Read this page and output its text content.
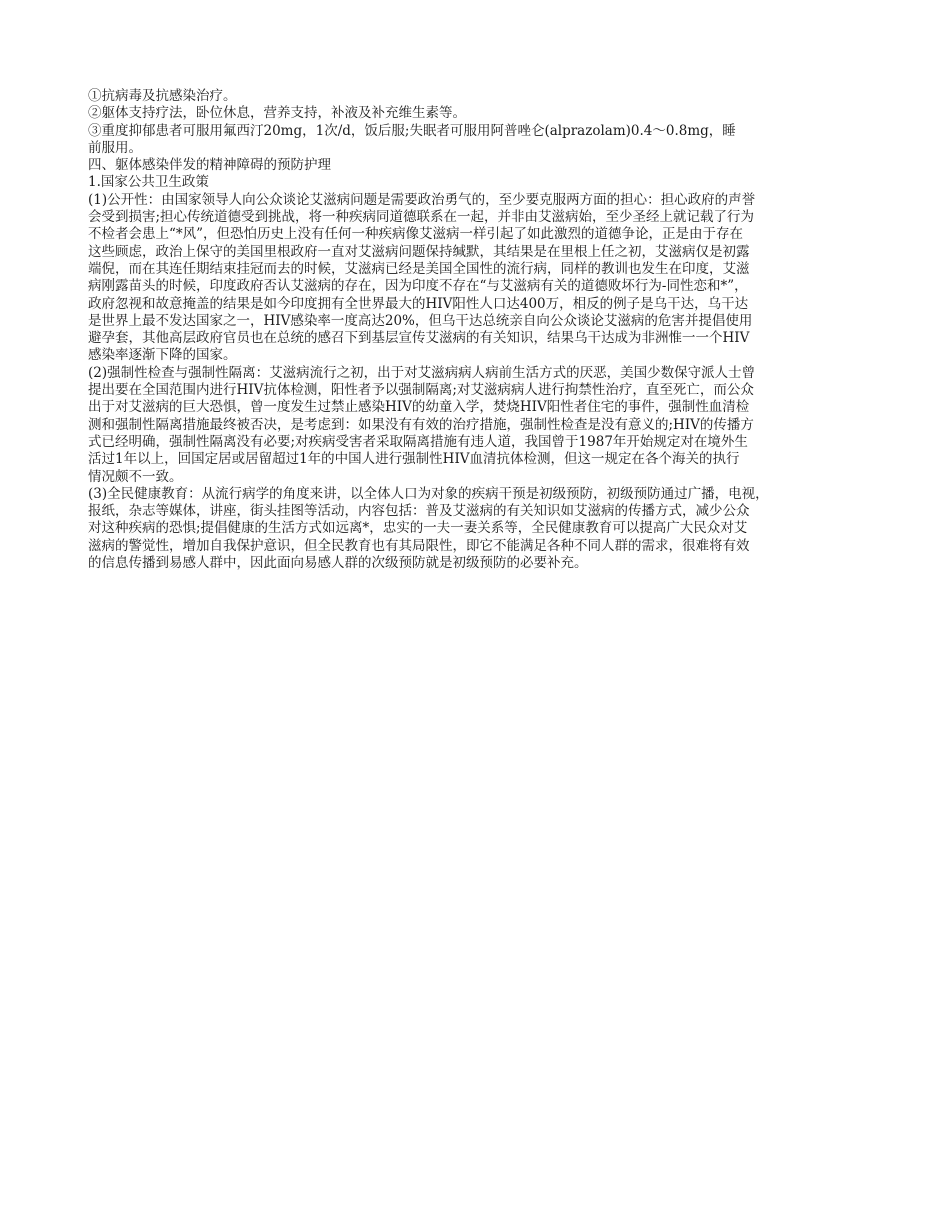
①抗病毒及抗感染治疗。
②躯体支持疗法，卧位休息，营养支持，补液及补充维生素等。
③重度抑郁患者可服用氟西汀20mg，1次/d，饭后服;失眠者可服用阿普唑仑(alprazolam)0.4～0.8mg，睡
前服用。
四、躯体感染伴发的精神障碍的预防护理
1.国家公共卫生政策
(1)公开性：由国家领导人向公众谈论艾滋病问题是需要政治勇气的，至少要克服两方面的担心：担心政府的声誉
会受到损害;担心传统道德受到挑战，将一种疾病同道德联系在一起，并非由艾滋病始，至少圣经上就记载了行为
不检者会患上“*风”，但恐怕历史上没有任何一种疾病像艾滋病一样引起了如此激烈的道德争论，正是由于存在
这些顾虑，政治上保守的美国里根政府一直对艾滋病问题保持缄默，其结果是在里根上任之初，艾滋病仅是初露
端倪，而在其连任期结束挂冠而去的时候，艾滋病已经是美国全国性的流行病，同样的教训也发生在印度，艾滋
病刚露苗头的时候，印度政府否认艾滋病的存在，因为印度不存在“与艾滋病有关的道德败坏行为-同性恋和*”，
政府忽视和故意掩盖的结果是如今印度拥有全世界最大的HIV阳性人口达400万，相反的例子是乌干达，乌干达
是世界上最不发达国家之一，HIV感染率一度高达20%，但乌干达总统亲自向公众谈论艾滋病的危害并提倡使用
避孕套，其他高层政府官员也在总统的感召下到基层宣传艾滋病的有关知识，结果乌干达成为非洲惟一一个HIV
感染率逐渐下降的国家。
(2)强制性检查与强制性隔离：艾滋病流行之初，出于对艾滋病病人病前生活方式的厌恶，美国少数保守派人士曾
提出要在全国范围内进行HIV抗体检测，阳性者予以强制隔离;对艾滋病病人进行拘禁性治疗，直至死亡，而公众
出于对艾滋病的巨大恐惧，曾一度发生过禁止感染HIV的幼童入学，焚烧HIV阳性者住宅的事件，强制性血清检
测和强制性隔离措施最终被否决，是考虑到：如果没有有效的治疗措施，强制性检查是没有意义的;HIV的传播方
式已经明确，强制性隔离没有必要;对疾病受害者采取隔离措施有违人道，我国曾于1987年开始规定对在境外生
活过1年以上，回国定居或居留超过1年的中国人进行强制性HIV血清抗体检测，但这一规定在各个海关的执行
情况颇不一致。
(3)全民健康教育：从流行病学的角度来讲，以全体人口为对象的疾病干预是初级预防，初级预防通过广播，电视，
报纸，杂志等媒体，讲座，街头挂图等活动，内容包括：普及艾滋病的有关知识如艾滋病的传播方式，减少公众
对这种疾病的恐惧;提倡健康的生活方式如远离*，忠实的一夫一妻关系等，全民健康教育可以提高广大民众对艾
滋病的警觉性，增加自我保护意识，但全民教育也有其局限性，即它不能满足各种不同人群的需求，很难将有效
的信息传播到易感人群中，因此面向易感人群的次级预防就是初级预防的必要补充。
